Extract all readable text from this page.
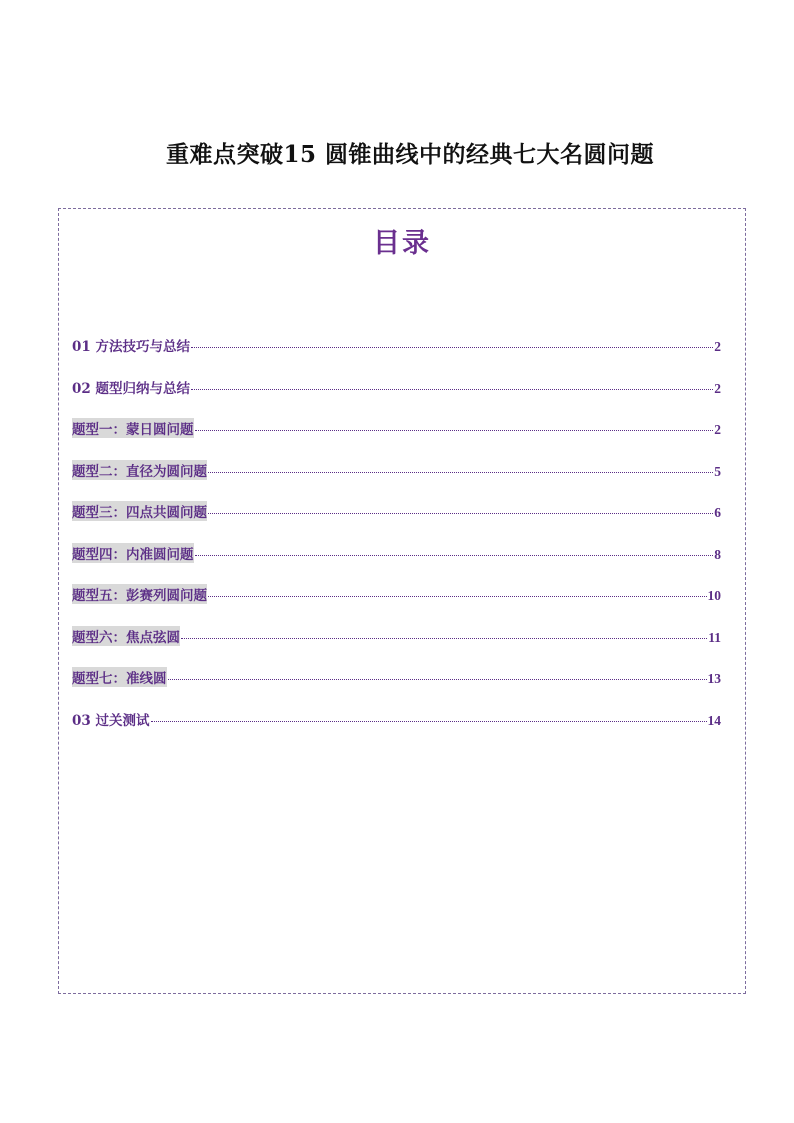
重难点突破15 圆锥曲线中的经典七大名圆问题
目录
01 方法技巧与总结	2
02 题型归纳与总结	2
题型一：蒙日圆问题	2
题型二：直径为圆问题	5
题型三：四点共圆问题	6
题型四：内准圆问题	8
题型五：彭赛列圆问题	10
题型六：焦点弦圆	11
题型七：准线圆	13
03 过关测试	14
